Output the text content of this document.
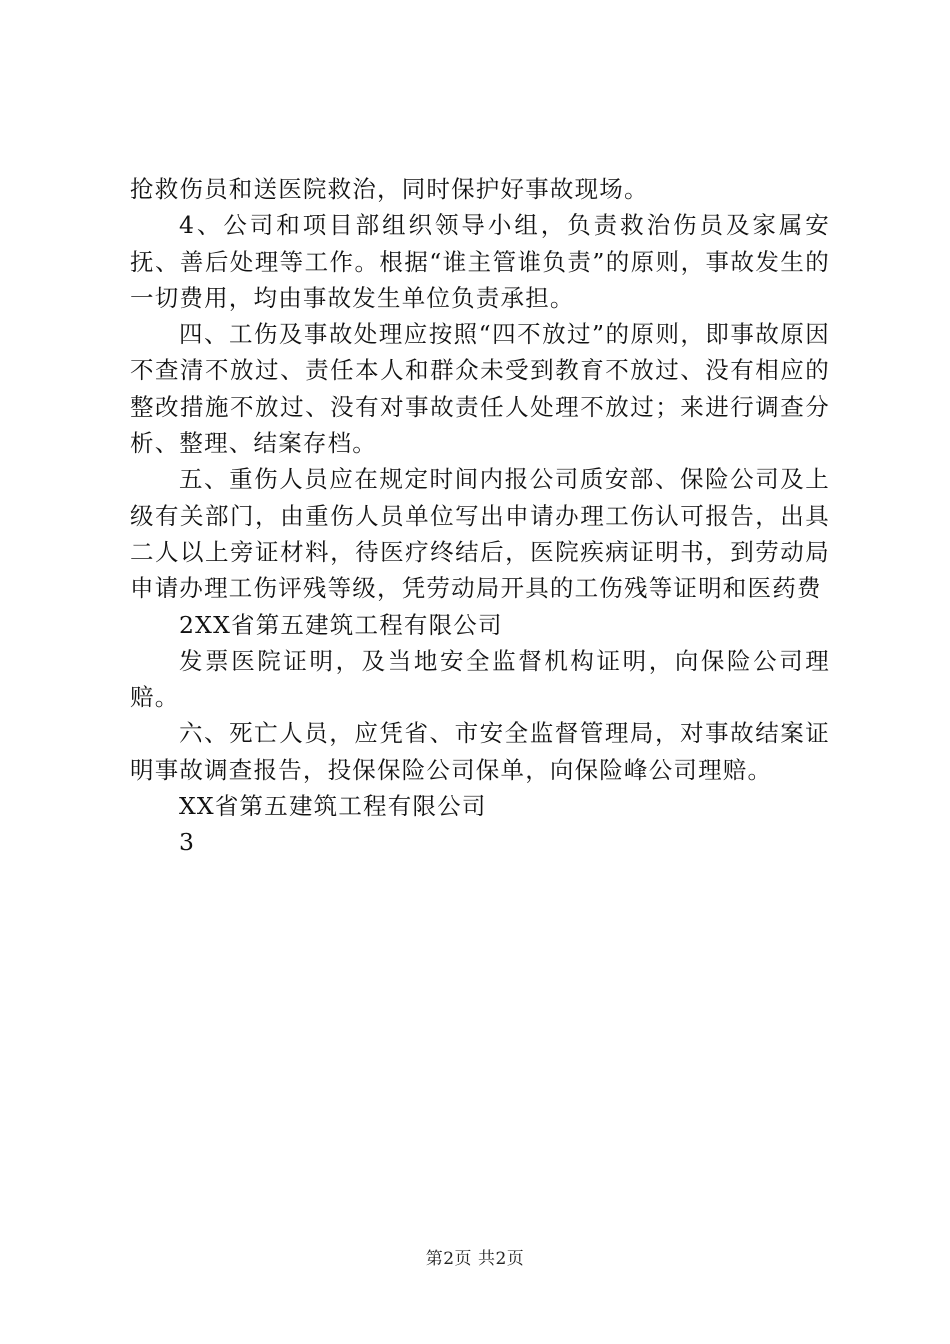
抢救伤员和送医院救治，同时保护好事故现场。

4、公司和项目部组织领导小组，负责救治伤员及家属安抚、善后处理等工作。根据“谁主管谁负责”的原则，事故发生的一切费用，均由事故发生单位负责承担。

四、工伤及事故处理应按照“四不放过”的原则，即事故原因不查清不放过、责任本人和群众未受到教育不放过、没有相应的整改措施不放过、没有对事故责任人处理不放过；来进行调查分析、整理、结案存档。

五、重伤人员应在规定时间内报公司质安部、保险公司及上级有关部门，由重伤人员单位写出申请办理工伤认可报告，出具二人以上旁证材料，待医疗终结后，医院疾病证明书，到劳动局申请办理工伤评残等级，凭劳动局开具的工伤残等证明和医药费

2XX省第五建筑工程有限公司

发票医院证明，及当地安全监督机构证明，向保险公司理赔。

六、死亡人员，应凭省、市安全监督管理局，对事故结案证明事故调查报告，投保保险公司保单，向保险峰公司理赔。

XX省第五建筑工程有限公司

3

第2页 共2页
